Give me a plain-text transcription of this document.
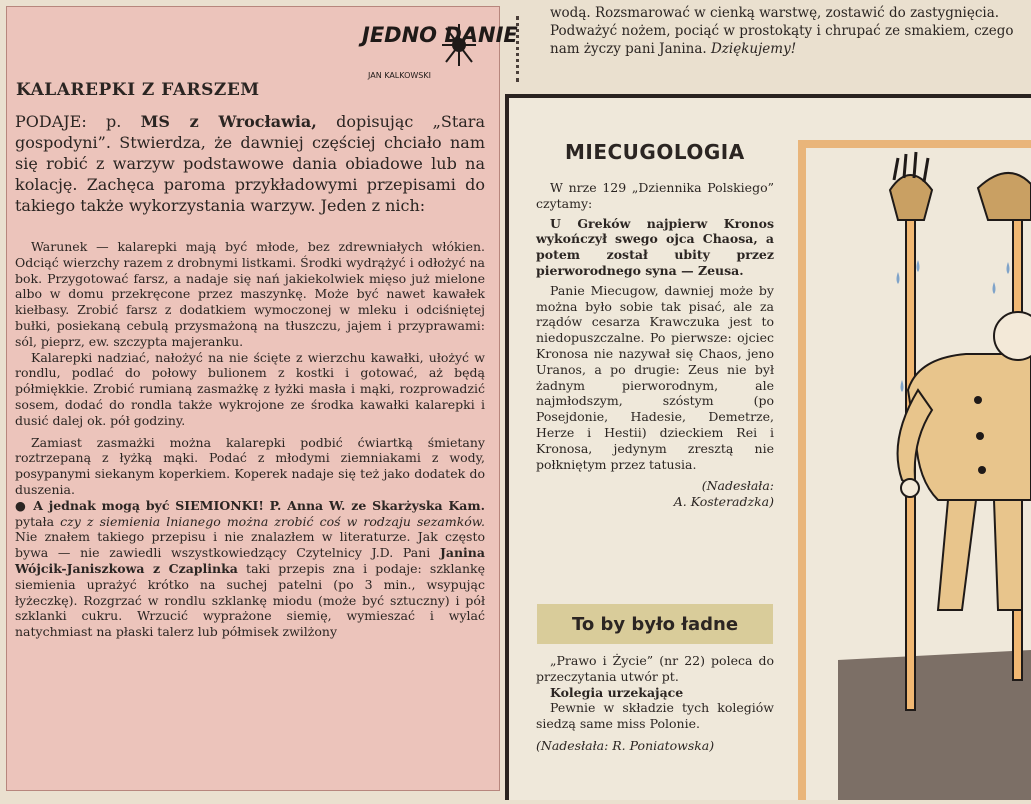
wodą. Rozsmarować w cienką warstwę, zostawić do zastygnięcia. Podważyć nożem, pociąć w prostokąty i chrupać ze smakiem, czego nam życzy pani Janina. Dziękujemy!
JEDNO DANIE
JAN KALKOWSKI
KALAREPKI Z FARSZEM
PODAJE: p. MS z Wrocławia, dopisując „Stara gospodyni”. Stwierdza, że dawniej częściej chciało nam się robić z warzyw podstawowe dania obiadowe lub na kolację. Zachęca paroma przykładowymi przepisami do takiego także wykorzystania warzyw. Jeden z nich:

Warunek — kalarepki mają być młode, bez zdrewniałych włókien. Odciąć wierzchy razem z drobnymi listkami. Środki wydrążyć i odłożyć na bok. Przygotować farsz, a nadaje się nań jakiekolwiek mięso już mielone albo w domu przekręcone przez maszynkę. Może być nawet kawałek kiełbasy. Zrobić farsz z dodatkiem wymoczonej w mleku i odciśniętej bułki, posiekaną cebulą przysmażoną na tłuszczu, jajem i przyprawami: sól, pieprz, ew. szczypta majeranku.

Kalarepki nadziać, nałożyć na nie ścięte z wierzchu kawałki, ułożyć w rondlu, podlać do połowy bulionem z kostki i gotować, aż będą półmiękkie. Zrobić rumianą zasmażkę z łyżki masła i mąki, rozprowadzić sosem, dodać do rondla także wykrojone ze środka kawałki kalarepki i dusić dalej ok. pół godziny.

Zamiast zasmażki można kalarepki podbić ćwiartką śmietany roztrzepaną z łyżką mąki. Podać z młodymi ziemniakami z wody, posypanymi siekanym koperkiem. Koperek nadaje się też jako dodatek do duszenia.

● A jednak mogą być SIEMIONKI! P. Anna W. ze Skarżyska Kam. pytała czy z siemienia lnianego można zrobić coś w rodzaju sezamków. Nie znałem takiego przepisu i nie znalazłem w literaturze. Jak często bywa — nie zawiedli wszystkowiedzący Czytelnicy J.D. Pani Janina Wójcik-Janiszkowa z Czaplinka taki przepis zna i podaje: szklankę siemienia uprażyć krótko na suchej patelni (po 3 min., wsypując łyżeczkę). Rozgrzać w rondlu szklankę miodu (może być sztuczny) i pół szklanki cukru. Wrzucić wyprażone siemię, wymieszać i wylać natychmiast na płaski talerz lub półmisek zwilżony

MIECUGOLOGIA

W nrze 129 „Dziennika Polskiego” czytamy:

U Greków najpierw Kronos wykończył swego ojca Chaosa, a potem został ubity przez pierworodnego syna — Zeusa.

Panie Miecugow, dawniej może by można było sobie tak pisać, ale za rządów cesarza Krawczuka jest to niedopuszczalne. Po pierwsze: ojciec Kronosa nie nazywał się Chaos, jeno Uranos, a po drugie: Zeus nie był żadnym pierworodnym, ale najmłodszym, szóstym (po Posejdonie, Hadesie, Demetrze, Herze i Hestii) dzieckiem Rei i Kronosa, jedynym zresztą nie połkniętym przez tatusia.

(Nadesłała:

A. Kosteradzka)

To by było ładne

„Prawo i Życie” (nr 22) poleca do przeczytania utwór pt.

Kolegia urzekające

Pewnie w składzie tych kolegiów siedzą same miss Polonie.

(Nadesłała: R. Poniatowska)
